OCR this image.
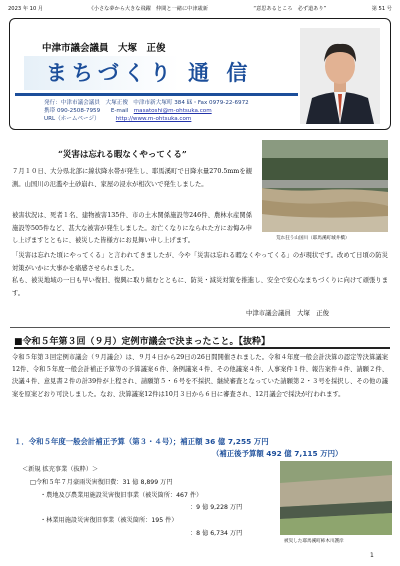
2023 年 10 月	《小さな夢から大きな飛躍　仲間と一緒に中津歳新	“意思あるところ　必ず道あり”	第 51 号
中津市議会議員　大塚　正俊
まちづくり 通 信
発行：中津市議会議員　大塚正俊 中津市新大塚町 384 ㏍・Fax 0979-22-6972
携帯 090-2508-7959 E-mail masatoshi@m-ohtsuka.com
URL（ホームページ）	http://www.m-ohtsuka.com
“災害は忘れる暇なくやってくる”
７月１０日、大分県北部に線状降水帯が発生し、耶馬溪町で日降水量270.5mmを観測。山国川の氾濫や土砂崩れ、家屋の浸水が相次いで発生しました。
被害状況は、死者１名、建物被害135件、市の土木関係施設等246件、農林水産関係施設等505件など、甚大な被害が発生しました。お亡くなりになられた方にお悔み申し上げますとともに、被災した皆様方にお見舞い申し上げます。
「災害は忘れた頃にやってくる」と言われてきましたが、今や「災害は忘れる暇なくやってくる」のが現状です。改めて日頃の防災対策がいかに大事かを痛感させられました。
私も、被災地域の一日も早い復旧、復興に取り組むとともに、防災・減災対策を推進し、安全で安心なまちづくりに向けて頑張ります。
荒れ狂う山国川（耶馬溪町城井橋）
中津市議会議員　大塚　正俊
■令和５年第３回（９月）定例市議会で決まったこと。【抜粋】
令和５年第３回定例市議会（９月議会）は、９月４日から29日の26日間開催されました。令和４年度一般会計決算の認定等決算議案12件、令和５年度一般会計補正予算等の予算議案６件、条例議案４件、その他議案４件、人事案件１件、報告案件４件、請願２件、決議４件、意見書２件の計39件が上程され、請願第５・６号を不採択、継続審査となっていた請願第２・３号を採択し、その他の議案を原案どおり可決しました。なお、決算議案12件は10月３日から６日に審査され、12月議会で採決が行われます。
１．令和５年度一般会計補正予算（第３・４号）；補正額 36 億 7,255 万円
（補正後予算額 492 億 7,115 万円）
＜新規 拡充事業（抜粋）＞
□令和５年７月豪雨災害復旧費：31 億 8,899 万円
・農地及び農業用施設災害復旧事業（被災箇所：467 件）
：9 億 9,228 万円
・林業用施設災害復旧事業（被災箇所：195 件）
：8 億 6,734 万円
被災した耶馬溪町柿木川護岸
1
